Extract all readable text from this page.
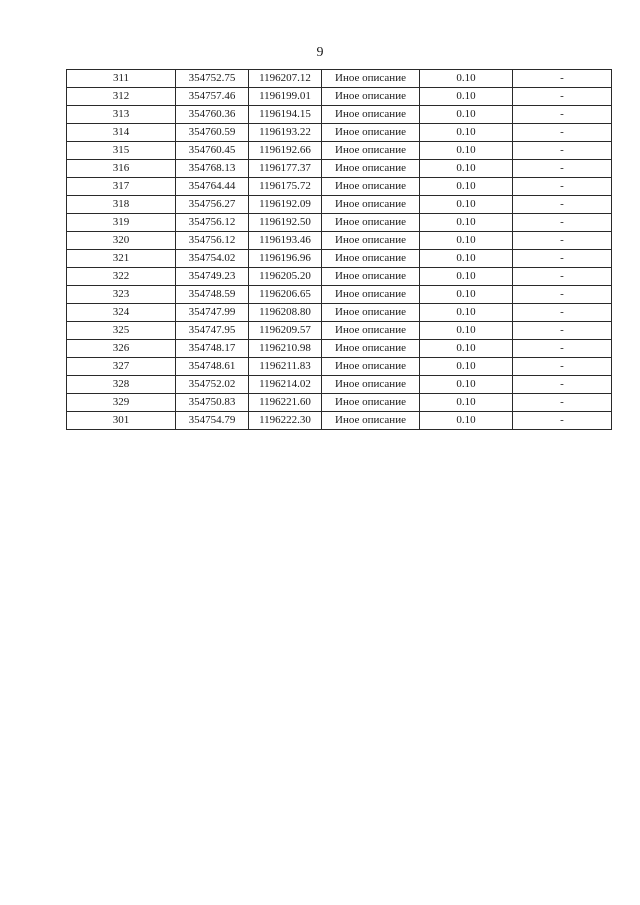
9
311	354752.75	1196207.12	Иное описание	0.10	-
312	354757.46	1196199.01	Иное описание	0.10	-
313	354760.36	1196194.15	Иное описание	0.10	-
314	354760.59	1196193.22	Иное описание	0.10	-
315	354760.45	1196192.66	Иное описание	0.10	-
316	354768.13	1196177.37	Иное описание	0.10	-
317	354764.44	1196175.72	Иное описание	0.10	-
318	354756.27	1196192.09	Иное описание	0.10	-
319	354756.12	1196192.50	Иное описание	0.10	-
320	354756.12	1196193.46	Иное описание	0.10	-
321	354754.02	1196196.96	Иное описание	0.10	-
322	354749.23	1196205.20	Иное описание	0.10	-
323	354748.59	1196206.65	Иное описание	0.10	-
324	354747.99	1196208.80	Иное описание	0.10	-
325	354747.95	1196209.57	Иное описание	0.10	-
326	354748.17	1196210.98	Иное описание	0.10	-
327	354748.61	1196211.83	Иное описание	0.10	-
328	354752.02	1196214.02	Иное описание	0.10	-
329	354750.83	1196221.60	Иное описание	0.10	-
301	354754.79	1196222.30	Иное описание	0.10	-
